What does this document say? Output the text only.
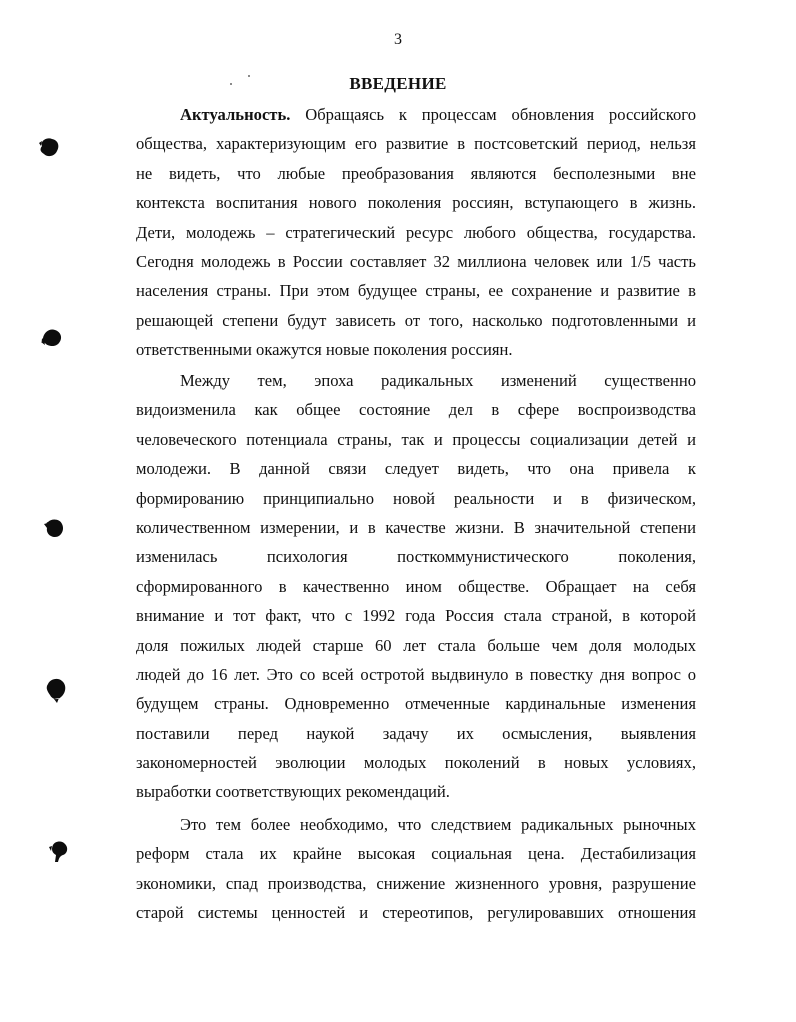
3
ВВЕДЕНИЕ
Актуальность. Обращаясь к процессам обновления российского
общества, характеризующим его развитие в постсоветский период, нельзя
не видеть, что любые преобразования являются бесполезными вне
контекста воспитания нового поколения россиян, вступающего в жизнь.
Дети, молодежь – стратегический ресурс любого общества, государства.
Сегодня молодежь в России составляет 32 миллиона человек или 1/5 часть
населения страны. При этом будущее страны, ее сохранение и развитие в
решающей степени будут зависеть от того, насколько подготовленными и
ответственными окажутся новые поколения россиян.
Между тем, эпоха радикальных изменений существенно
видоизменила как общее состояние дел в сфере воспроизводства
человеческого потенциала страны, так и процессы социализации детей и
молодежи. В данной связи следует видеть, что она привела к
формированию принципиально новой реальности и в физическом,
количественном измерении, и в качестве жизни. В значительной степени
изменилась психология посткоммунистического поколения,
сформированного в качественно ином обществе. Обращает на себя
внимание и тот факт, что с 1992 года Россия стала страной, в которой
доля пожилых людей старше 60 лет стала больше чем доля молодых
людей до 16 лет. Это со всей остротой выдвинуло в повестку дня вопрос о
будущем страны. Одновременно отмеченные кардинальные изменения
поставили перед наукой задачу их осмысления, выявления
закономерностей эволюции молодых поколений в новых условиях,
выработки соответствующих рекомендаций.
Это тем более необходимо, что следствием радикальных рыночных
реформ стала их крайне высокая социальная цена. Дестабилизация
экономики, спад производства, снижение жизненного уровня, разрушение
старой системы ценностей и стереотипов, регулировавших отношения
